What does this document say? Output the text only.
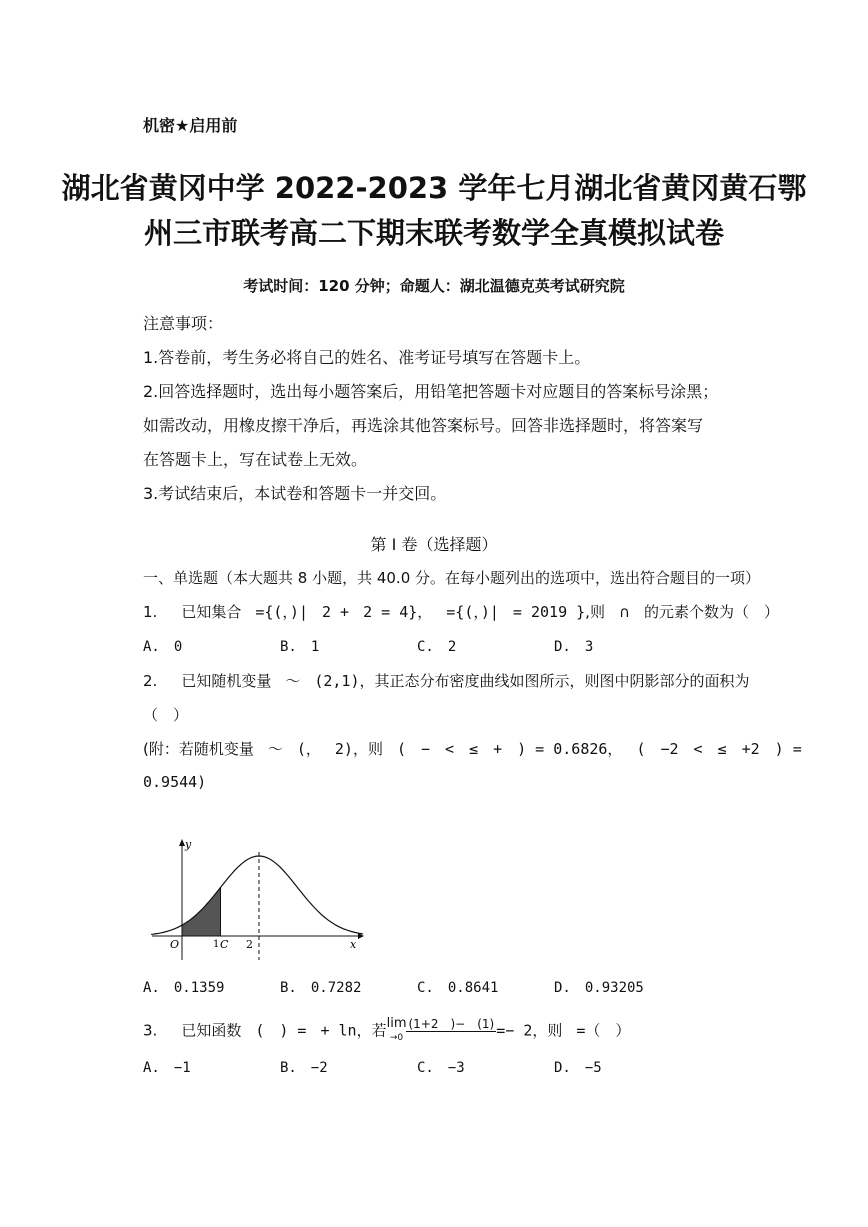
机密★启用前
湖北省黄冈中学 2022-2023 学年七月湖北省黄冈黄石鄂
州三市联考高二下期末联考数学全真模拟试卷
考试时间：120 分钟；命题人：湖北温德克英考试研究院
注意事项：
1.答卷前，考生务必将自己的姓名、准考证号填写在答题卡上。
2.回答选择题时，选出每小题答案后，用铅笔把答题卡对应题目的答案标号涂黑；
如需改动，用橡皮擦干净后，再选涂其他答案标号。回答非选择题时，将答案写
在答题卡上，写在试卷上无效。
3.考试结束后，本试卷和答题卡一并交回。
第 I 卷（选择题）
一、单选题（本大题共 8 小题，共 40.0 分。在每小题列出的选项中，选出符合题目的一项）
1. 已知集合 ={(，)| 2 + 2 = 4}， ={(，)| = 2019 },则 ∩ 的元素个数为（　）
A.　0	B.　1	C.　2	D.　3
2. 已知随机变量 ～ (2,1)，其正态分布密度曲线如图所示，则图中阴影部分的面积为
（　）
(附：若随机变量 ～ (， 2)，则 (　−　<　≤　+　) = 0.6826， (　−2　<　≤　+2　) =
0.9544)
y
x
O	1 C 2
A.　0.1359	B.　0.7282	C.　0.8641	D.　0.93205
3. 已知函数 (　) = + ln，若lim
→0(1+2　)−　(1) =− 2，则 =（　）
A.　−1	B.　−2	C.　−3	D.　−5
